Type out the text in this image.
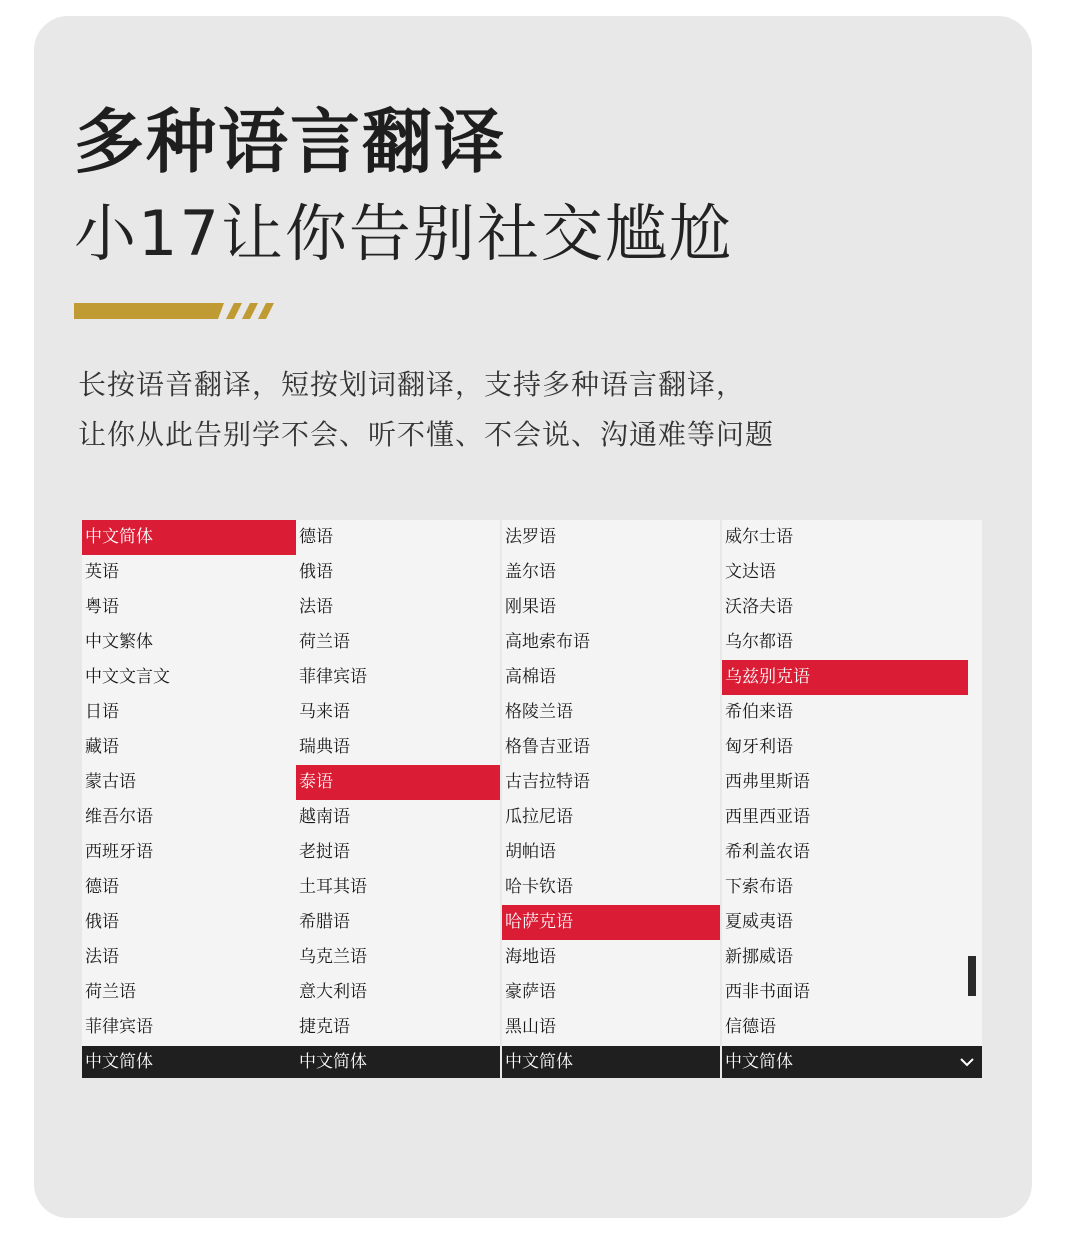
多种语言翻译
小17让你告别社交尴尬
长按语音翻译，短按划词翻译，支持多种语言翻译，
让你从此告别学不会、听不懂、不会说、沟通难等问题
中文简体
英语
粤语
中文繁体
中文文言文
日语
藏语
蒙古语
维吾尔语
西班牙语
德语
俄语
法语
荷兰语
菲律宾语
中文简体
德语
俄语
法语
荷兰语
菲律宾语
马来语
瑞典语
泰语
越南语
老挝语
土耳其语
希腊语
乌克兰语
意大利语
捷克语
中文简体
法罗语
盖尔语
刚果语
高地索布语
高棉语
格陵兰语
格鲁吉亚语
古吉拉特语
瓜拉尼语
胡帕语
哈卡钦语
哈萨克语
海地语
豪萨语
黑山语
中文简体
威尔士语
文达语
沃洛夫语
乌尔都语
乌兹别克语
希伯来语
匈牙利语
西弗里斯语
西里西亚语
希利盖农语
下索布语
夏威夷语
新挪威语
西非书面语
信德语
中文简体
